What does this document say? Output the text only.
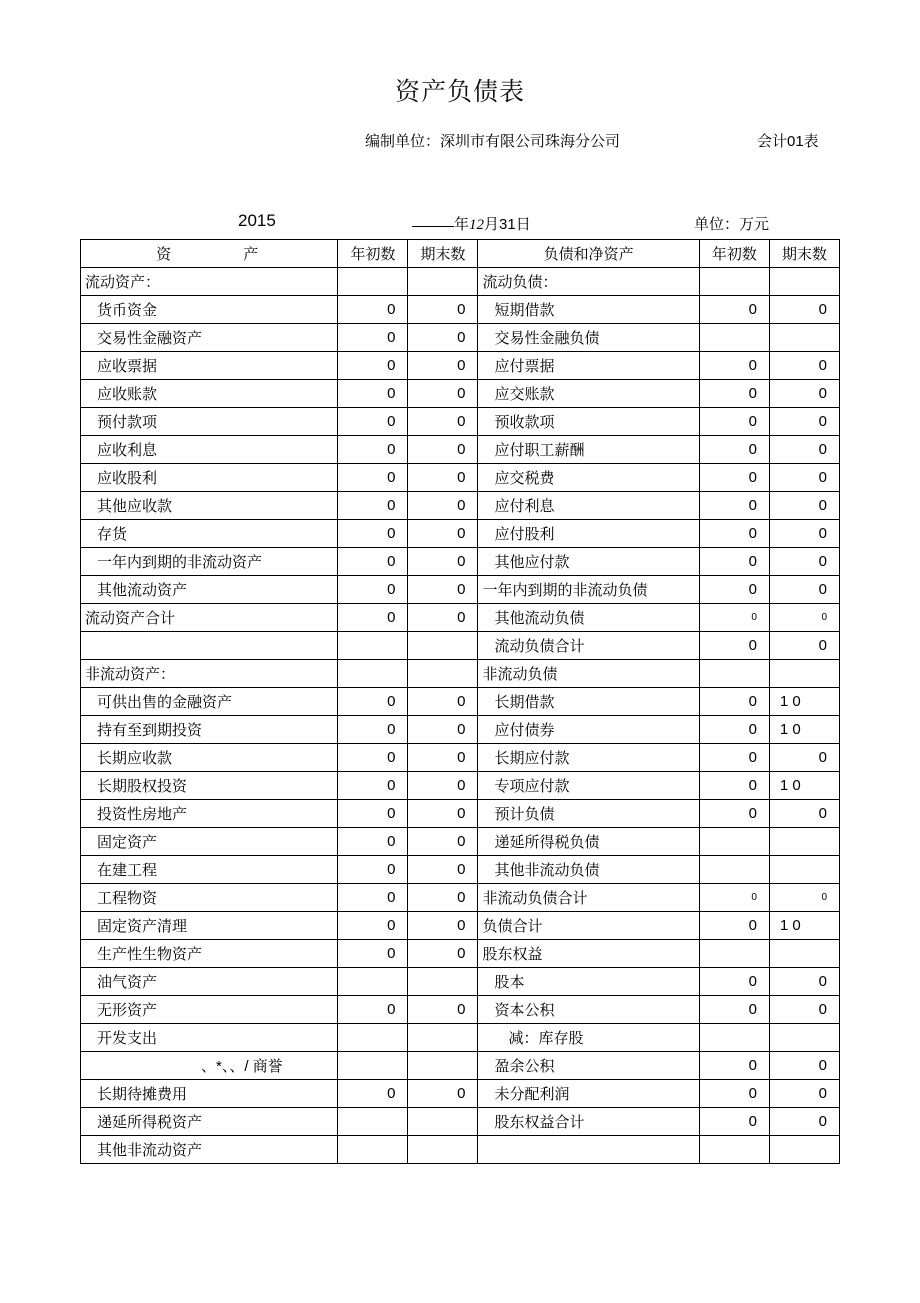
资产负债表
编制单位：深圳市有限公司珠海分公司	会计01表
2015	年12月31日	单位：万元
资　　产	年初数	期末数	负债和净资产	年初数	期末数
流动资产：			流动负债：		
货币资金	0	0	短期借款	0	0
交易性金融资产	0	0	交易性金融负债		
应收票据	0	0	应付票据	0	0
应收账款	0	0	应交账款	0	0
预付款项	0	0	预收款项	0	0
应收利息	0	0	应付职工薪酬	0	0
应收股利	0	0	应交税费	0	0
其他应收款	0	0	应付利息	0	0
存货	0	0	应付股利	0	0
一年内到期的非流动资产	0	0	其他应付款	0	0
其他流动资产	0	0	一年内到期的非流动负债	0	0
流动资产合计	0	0	其他流动负债	0	0
			流动负债合计	0	0
非流动资产：			非流动负债		
可供出售的金融资产	0	0	长期借款	0	1 0
持有至到期投资	0	0	应付债券	0	1 0
长期应收款	0	0	长期应付款	0	0
长期股权投资	0	0	专项应付款	0	1 0
投资性房地产	0	0	预计负债	0	0
固定资产	0	0	递延所得税负债		
在建工程	0	0	其他非流动负债		
工程物资	0	0	非流动负债合计	0	0
固定资产清理	0	0	负债合计	0	1 0
生产性生物资产	0	0	股东权益		
油气资产			股本	0	0
无形资产	0	0	资本公积	0	0
开发支出			减：库存股		
、*、、/ 商誉			盈余公积	0	0
长期待摊费用	0	0	未分配利润	0	0
递延所得税资产			股东权益合计	0	0
其他非流动资产					
